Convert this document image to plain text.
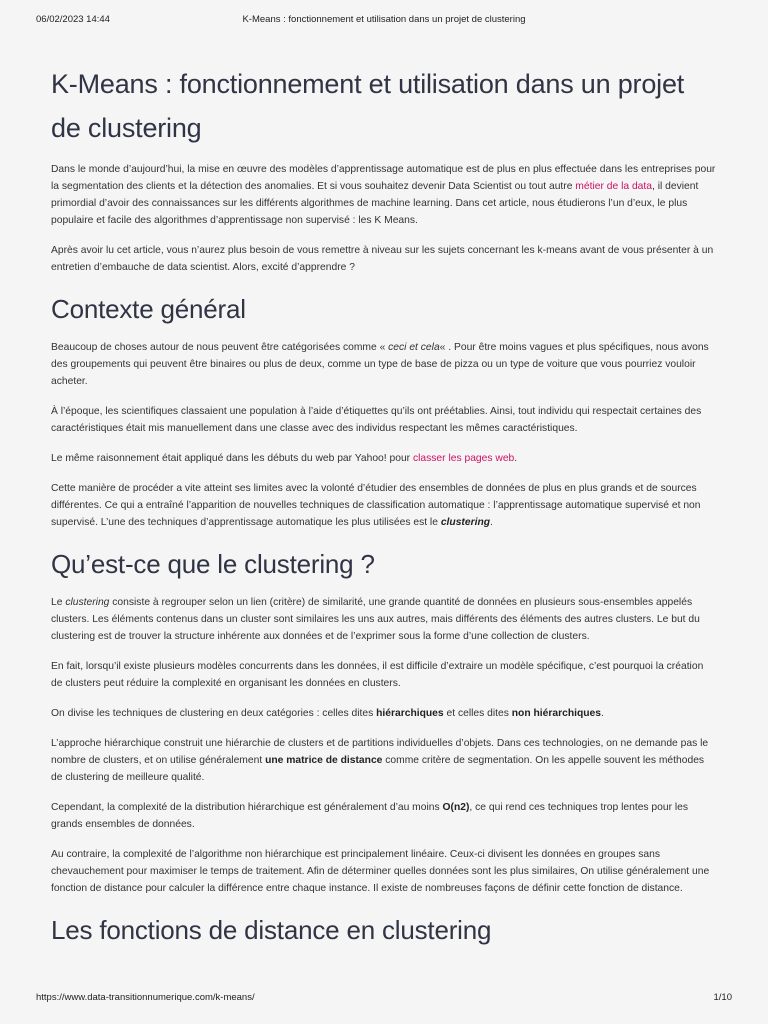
06/02/2023 14:44	K-Means : fonctionnement et utilisation dans un projet de clustering
K-Means : fonctionnement et utilisation dans un projet de clustering

Dans le monde d’aujourd’hui, la mise en œuvre des modèles d’apprentissage automatique est de plus en plus effectuée dans les entreprises pour la segmentation des clients et la détection des anomalies. Et si vous souhaitez devenir Data Scientist ou tout autre métier de la data, il devient primordial d’avoir des connaissances sur les différents algorithmes de machine learning. Dans cet article, nous étudierons l’un d’eux, le plus populaire et facile des algorithmes d’apprentissage non supervisé : les K Means.

Après avoir lu cet article, vous n’aurez plus besoin de vous remettre à niveau sur les sujets concernant les k-means avant de vous présenter à un entretien d’embauche de data scientist. Alors, excité d’apprendre ?

Contexte général

Beaucoup de choses autour de nous peuvent être catégorisées comme « ceci et cela« . Pour être moins vagues et plus spécifiques, nous avons des groupements qui peuvent être binaires ou plus de deux, comme un type de base de pizza ou un type de voiture que vous pourriez vouloir acheter.

À l’époque, les scientifiques classaient une population à l’aide d’étiquettes qu’ils ont préétablies. Ainsi, tout individu qui respectait certaines des caractéristiques était mis manuellement dans une classe avec des individus respectant les mêmes caractéristiques.

Le même raisonnement était appliqué dans les débuts du web par Yahoo! pour classer les pages web.

Cette manière de procéder a vite atteint ses limites avec la volonté d’étudier des ensembles de données de plus en plus grands et de sources différentes. Ce qui a entraîné l’apparition de nouvelles techniques de classification automatique : l’apprentissage automatique supervisé et non supervisé. L’une des techniques d’apprentissage automatique les plus utilisées est le clustering.

Qu’est-ce que le clustering ?

Le clustering consiste à regrouper selon un lien (critère) de similarité, une grande quantité de données en plusieurs sous-ensembles appelés clusters. Les éléments contenus dans un cluster sont similaires les uns aux autres, mais différents des éléments des autres clusters. Le but du clustering est de trouver la structure inhérente aux données et de l’exprimer sous la forme d’une collection de clusters.

En fait, lorsqu’il existe plusieurs modèles concurrents dans les données, il est difficile d’extraire un modèle spécifique, c’est pourquoi la création de clusters peut réduire la complexité en organisant les données en clusters.

On divise les techniques de clustering en deux catégories : celles dites hiérarchiques et celles dites non hiérarchiques.

L’approche hiérarchique construit une hiérarchie de clusters et de partitions individuelles d’objets. Dans ces technologies, on ne demande pas le nombre de clusters, et on utilise généralement une matrice de distance comme critère de segmentation. On les appelle souvent les méthodes de clustering de meilleure qualité.

Cependant, la complexité de la distribution hiérarchique est généralement d’au moins O(n2), ce qui rend ces techniques trop lentes pour les grands ensembles de données.

Au contraire, la complexité de l’algorithme non hiérarchique est principalement linéaire. Ceux-ci divisent les données en groupes sans chevauchement pour maximiser le temps de traitement. Afin de déterminer quelles données sont les plus similaires, On utilise généralement une fonction de distance pour calculer la différence entre chaque instance. Il existe de nombreuses façons de définir cette fonction de distance.

Les fonctions de distance en clustering
https://www.data-transitionnumerique.com/k-means/	1/10
